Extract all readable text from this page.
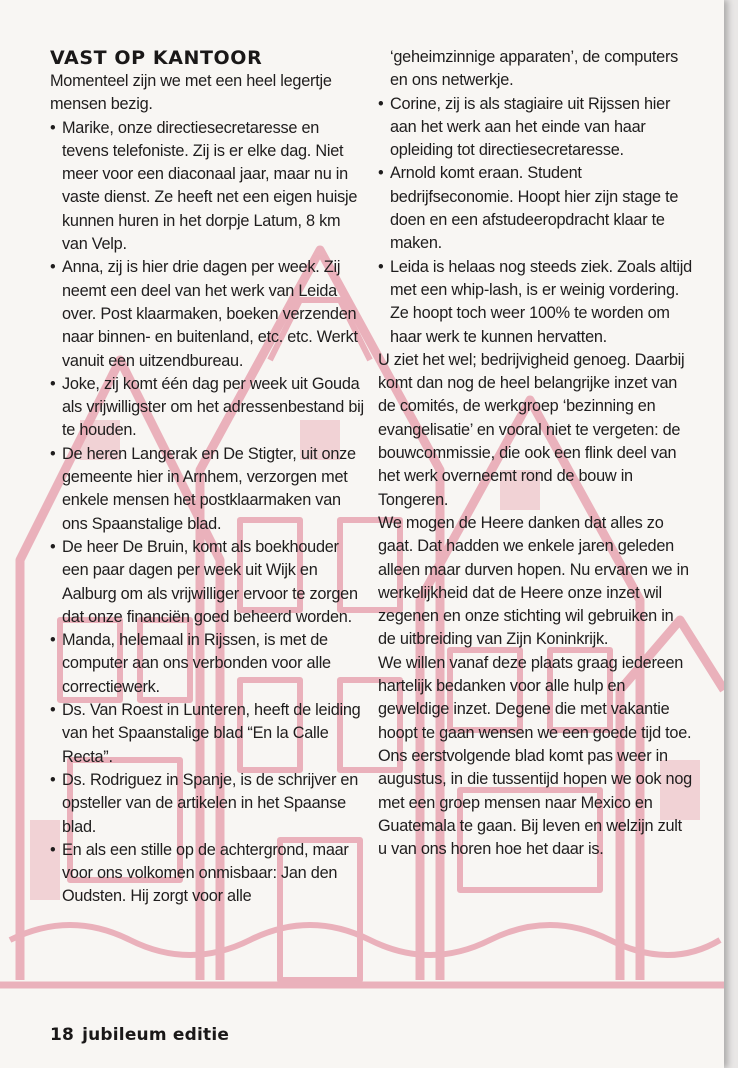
VAST OP KANTOOR

Momenteel zijn we met een heel legertje mensen bezig.

• Marike, onze directiesecretaresse en tevens telefoniste. Zij is er elke dag. Niet meer voor een diaconaal jaar, maar nu in vaste dienst. Ze heeft net een eigen huisje kunnen huren in het dorpje Latum, 8 km van Velp.
• Anna, zij is hier drie dagen per week. Zij neemt een deel van het werk van Leida over. Post klaarmaken, boeken verzenden naar binnen- en buitenland, etc. etc. Werkt vanuit een uitzendbureau.
• Joke, zij komt één dag per week uit Gouda als vrijwilligster om het adressenbestand bij te houden.
• De heren Langerak en De Stigter, uit onze gemeente hier in Arnhem, verzorgen met enkele mensen het postklaarmaken van ons Spaanstalige blad.
• De heer De Bruin, komt als boekhouder een paar dagen per week uit Wijk en Aalburg om als vrijwilliger ervoor te zorgen dat onze financiën goed beheerd worden.
• Manda, helemaal in Rijssen, is met de computer aan ons verbonden voor alle correctiewerk.
• Ds. Van Roest in Lunteren, heeft de leiding van het Spaanstalige blad “En la Calle Recta”.
• Ds. Rodriguez in Spanje, is de schrijver en opsteller van de artikelen in het Spaanse blad.
• En als een stille op de achtergrond, maar voor ons volkomen onmisbaar: Jan den Oudsten. Hij zorgt voor alle

‘geheimzinnige apparaten’, de computers en ons netwerkje.

• Corine, zij is als stagiaire uit Rijssen hier aan het werk aan het einde van haar opleiding tot directiesecretaresse.
• Arnold komt eraan. Student bedrijfseconomie. Hoopt hier zijn stage te doen en een afstudeeropdracht klaar te maken.
• Leida is helaas nog steeds ziek. Zoals altijd met een whip-lash, is er weinig vordering. Ze hoopt toch weer 100% te worden om haar werk te kunnen hervatten.

U ziet het wel; bedrijvigheid genoeg. Daarbij komt dan nog de heel belangrijke inzet van de comités, de werkgroep ‘bezinning en evangelisatie’ en vooral niet te vergeten: de bouwcommissie, die ook een flink deel van het werk overneemt rond de bouw in Tongeren.

We mogen de Heere danken dat alles zo gaat. Dat hadden we enkele jaren geleden alleen maar durven hopen. Nu ervaren we in werkelijkheid dat de Heere onze inzet wil zegenen en onze stichting wil gebruiken in de uitbreiding van Zijn Koninkrijk.

We willen vanaf deze plaats graag iedereen hartelijk bedanken voor alle hulp en geweldige inzet. Degene die met vakantie hoopt te gaan wensen we een goede tijd toe. Ons eerstvolgende blad komt pas weer in augustus, in die tussentijd hopen we ook nog met een groep mensen naar Mexico en Guatemala te gaan. Bij leven en welzijn zult u van ons horen hoe het daar is.

18 jubileum editie
